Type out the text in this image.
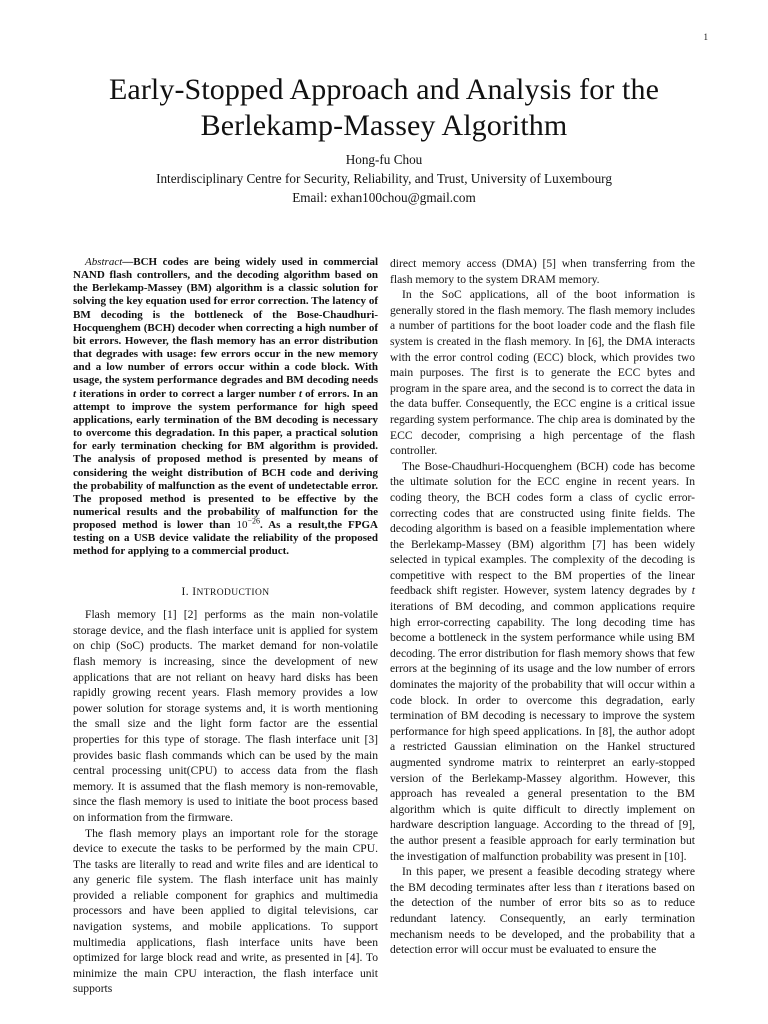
1
Early-Stopped Approach and Analysis for the
Berlekamp-Massey Algorithm
Hong-fu Chou
Interdisciplinary Centre for Security, Reliability, and Trust, University of Luxembourg
Email: exhan100chou@gmail.com

Abstract—BCH codes are being widely used in commercial NAND flash controllers, and the decoding algorithm based on the Berlekamp-Massey (BM) algorithm is a classic solution for solving the key equation used for error correction. The latency of BM decoding is the bottleneck of the Bose-Chaudhuri-Hocquenghem (BCH) decoder when correcting a high number of bit errors. However, the flash memory has an error distribution that degrades with usage: few errors occur in the new memory and a low number of errors occur within a code block. With usage, the system performance degrades and BM decoding needs t iterations in order to correct a larger number t of errors. In an attempt to improve the system performance for high speed applications, early termination of the BM decoding is necessary to overcome this degradation. In this paper, a practical solution for early termination checking for BM algorithm is provided. The analysis of proposed method is presented by means of considering the weight distribution of BCH code and deriving the probability of malfunction as the event of undetectable error. The proposed method is presented to be effective by the numerical results and the probability of malfunction for the proposed method is lower than $10^{-26}$. As a result,the FPGA testing on a USB device validate the reliability of the proposed method for applying to a commercial product.

I. INTRODUCTION

Flash memory [1] [2] performs as the main non-volatile storage device, and the flash interface unit is applied for system on chip (SoC) products. The market demand for non-volatile flash memory is increasing, since the development of new applications that are not reliant on heavy hard disks has been rapidly growing recent years. Flash memory provides a low power solution for storage systems and, it is worth mentioning the small size and the light form factor are the essential properties for this type of storage. The flash interface unit [3] provides basic flash commands which can be used by the main central processing unit(CPU) to access data from the flash memory. It is assumed that the flash memory is non-removable, since the flash memory is used to initiate the boot process based on information from the firmware.

The flash memory plays an important role for the storage device to execute the tasks to be performed by the main CPU. The tasks are literally to read and write files and are identical to any generic file system. The flash interface unit has mainly provided a reliable component for graphics and multimedia processors and have been applied to digital televisions, car navigation systems, and mobile applications. To support multimedia applications, flash interface units have been optimized for large block read and write, as presented in [4]. To minimize the main CPU interaction, the flash interface unit supports

direct memory access (DMA) [5] when transferring from the flash memory to the system DRAM memory.

In the SoC applications, all of the boot information is generally stored in the flash memory. The flash memory includes a number of partitions for the boot loader code and the flash file system is created in the flash memory. In [6], the DMA interacts with the error control coding (ECC) block, which provides two main purposes. The first is to generate the ECC bytes and program in the spare area, and the second is to correct the data in the data buffer. Consequently, the ECC engine is a critical issue regarding system performance. The chip area is dominated by the ECC decoder, comprising a high percentage of the flash controller.

The Bose-Chaudhuri-Hocquenghem (BCH) code has become the ultimate solution for the ECC engine in recent years. In coding theory, the BCH codes form a class of cyclic error-correcting codes that are constructed using finite fields. The decoding algorithm is based on a feasible implementation where the Berlekamp-Massey (BM) algorithm [7] has been widely selected in typical examples. The complexity of the decoding is competitive with respect to the BM properties of the linear feedback shift register. However, system latency degrades by t iterations of BM decoding, and common applications require high error-correcting capability. The long decoding time has become a bottleneck in the system performance while using BM decoding. The error distribution for flash memory shows that few errors at the beginning of its usage and the low number of errors dominates the majority of the probability that will occur within a code block. In order to overcome this degradation, early termination of BM decoding is necessary to improve the system performance for high speed applications. In [8], the author adopt a restricted Gaussian elimination on the Hankel structured augmented syndrome matrix to reinterpret an early-stopped version of the Berlekamp-Massey algorithm. However, this approach has revealed a general presentation to the BM algorithm which is quite difficult to directly implement on hardware description language. According to the thread of [9], the author present a feasible approach for early termination but the investigation of malfunction probability was present in [10].

In this paper, we present a feasible decoding strategy where the BM decoding terminates after less than t iterations based on the detection of the number of error bits so as to reduce redundant latency. Consequently, an early termination mechanism needs to be developed, and the probability that a detection error will occur must be evaluated to ensure the
